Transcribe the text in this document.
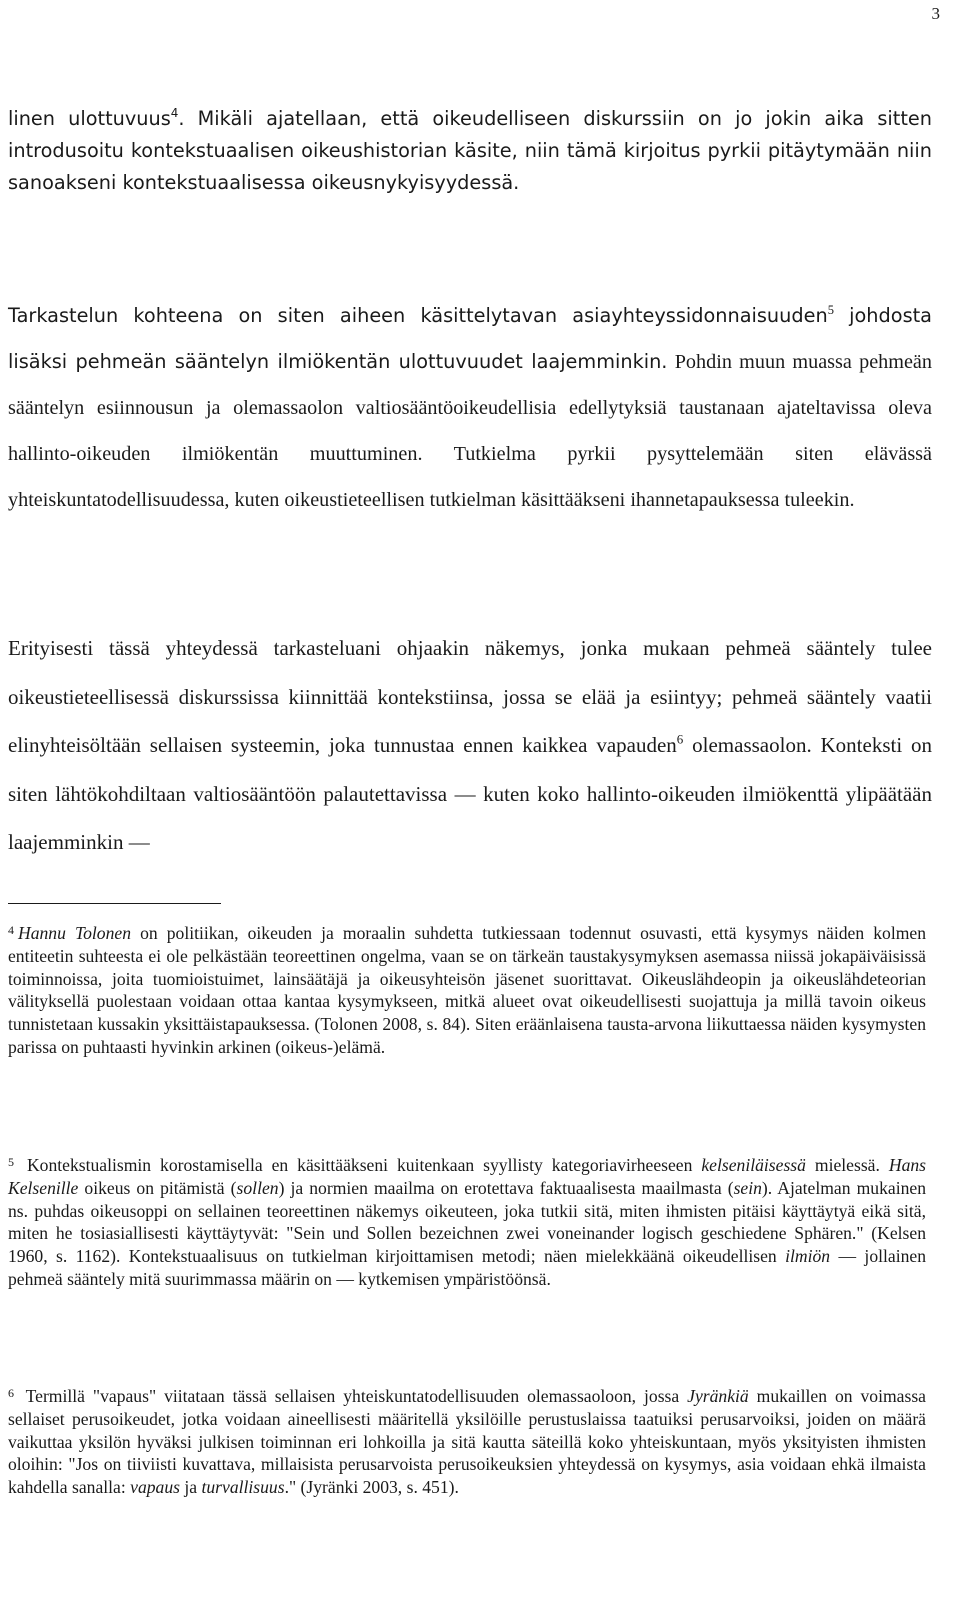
3

linen ulottuvuus$^4$. Mikäli ajatellaan, että oikeudelliseen diskurssiin on jo jokin aika sitten introdusoitu kontekstuaalisen oikeushistorian käsite, niin tämä kirjoitus pyrkii pitäytymään niin sanoakseni kontekstuaalisessa oikeusnykyisyydessä.

Tarkastelun kohteena on siten aiheen käsittelytavan asiayhteyssidonnaisuuden$^5$ johdosta lisäksi pehmeän sääntelyn ilmiökentän ulottuvuudet laajemminkin. Pohdin muun muassa pehmeän sääntelyn esiinnousun ja olemassaolon valtiosääntöoikeudellisia edellytyksiä taustanaan ajateltavissa oleva hallinto-oikeuden ilmiökentän muuttuminen. Tutkielma pyrkii pysyttelemään siten elävässä yhteiskuntatodellisuudessa, kuten oikeustieteellisen tutkielman käsittääkseni ihannetapauksessa tuleekin.

Erityisesti tässä yhteydessä tarkasteluani ohjaakin näkemys, jonka mukaan pehmeä sääntely tulee oikeustieteellisessä diskurssissa kiinnittää kontekstiinsa, jossa se elää ja esiintyy; pehmeä sääntely vaatii elinyhteisöltään sellaisen systeemin, joka tunnustaa ennen kaikkea vapauden$^6$ olemassaolon. Konteksti on siten lähtökohdiltaan valtiosääntöön palautettavissa — kuten koko hallinto-oikeuden ilmiökenttä ylipäätään laajemminkin —

$^4$ Hannu Tolonen on politiikan, oikeuden ja moraalin suhdetta tutkiessaan todennut osuvasti, että kysymys näiden kolmen entiteetin suhteesta ei ole pelkästään teoreettinen ongelma, vaan se on tärkeän taustakysymyksen asemassa niissä jokapäiväisissä toiminnoissa, joita tuomioistuimet, lainsäätäjä ja oikeusyhteisön jäsenet suorittavat. Oikeuslähdeopin ja oikeuslähdeteorian välityksellä puolestaan voidaan ottaa kantaa kysymykseen, mitkä alueet ovat oikeudellisesti suojattuja ja millä tavoin oikeus tunnistetaan kussakin yksittäistapauksessa. (Tolonen 2008, s. 84). Siten eräänlaisena tausta-arvona liikuttaessa näiden kysymysten parissa on puhtaasti hyvinkin arkinen (oikeus-)elämä.

$^5$ Kontekstualismin korostamisella en käsittääkseni kuitenkaan syyllisty kategoriavirheeseen kelseniläisessä mielessä. Hans Kelsenille oikeus on pitämistä (sollen) ja normien maailma on erotettava faktuaalisesta maailmasta (sein). Ajatelman mukainen ns. puhdas oikeusoppi on sellainen teoreettinen näkemys oikeuteen, joka tutkii sitä, miten ihmisten pitäisi käyttäytyä eikä sitä, miten he tosiasiallisesti käyttäytyvät: "Sein und Sollen bezeichnen zwei voneinander logisch geschiedene Sphären." (Kelsen 1960, s. 1162). Kontekstuaalisuus on tutkielman kirjoittamisen metodi; näen mielekkäänä oikeudellisen ilmiön — jollainen pehmeä sääntely mitä suurimmassa määrin on — kytkemisen ympäristöönsä.

$^6$ Termillä "vapaus" viitataan tässä sellaisen yhteiskuntatodellisuuden olemassaoloon, jossa Jyränkiä mukaillen on voimassa sellaiset perusoikeudet, jotka voidaan aineellisesti määritellä yksilöille perustuslaissa taatuiksi perusarvoiksi, joiden on määrä vaikuttaa yksilön hyväksi julkisen toiminnan eri lohkoilla ja sitä kautta säteillä koko yhteiskuntaan, myös yksityisten ihmisten oloihin: "Jos on tiiviisti kuvattava, millaisista perusarvoista perusoikeuksien yhteydessä on kysymys, asia voidaan ehkä ilmaista kahdella sanalla: vapaus ja turvallisuus." (Jyränki 2003, s. 451).
